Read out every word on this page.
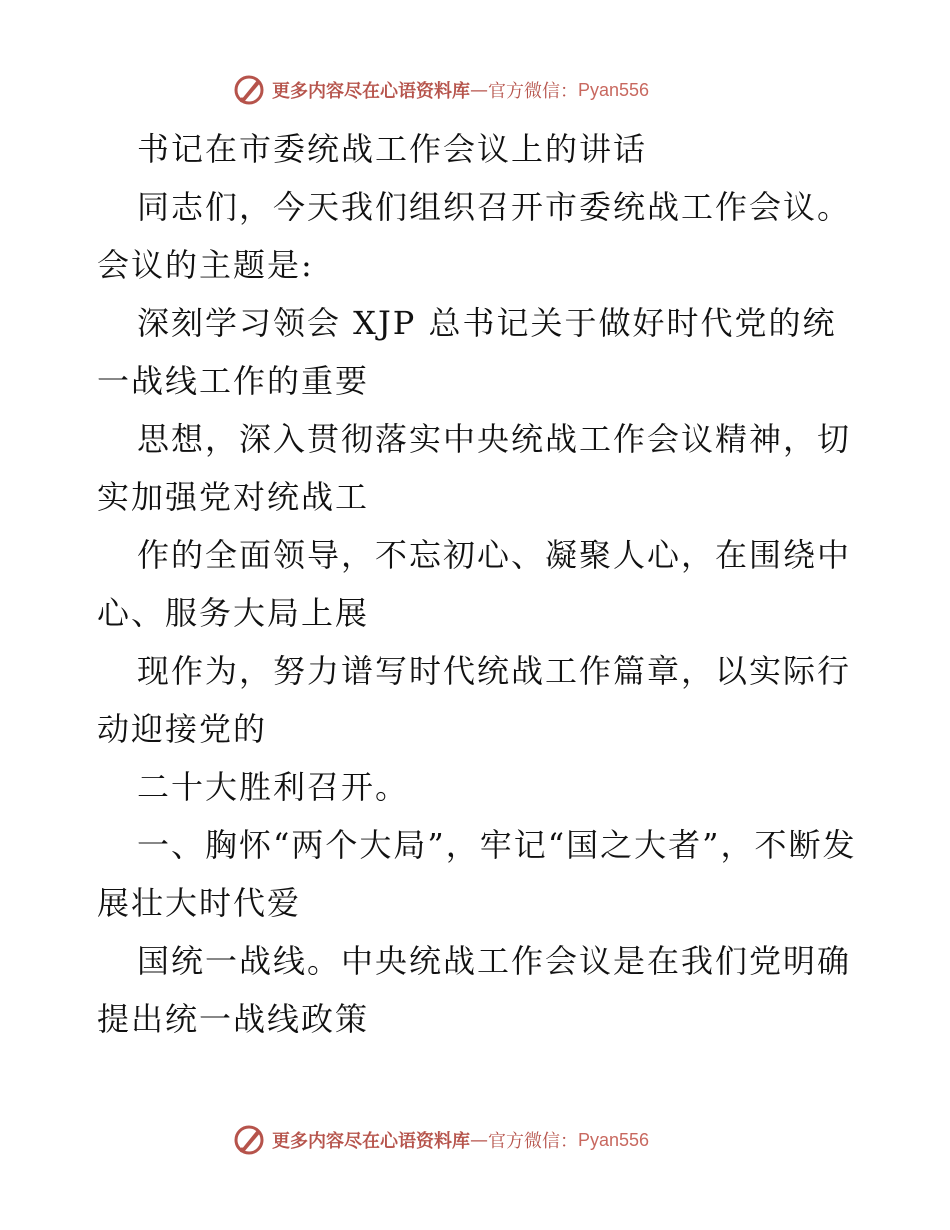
更多内容尽在心语资料库 — 官方微信： Pyan556

书记在市委统战工作会议上的讲话

同志们，今天我们组织召开市委统战工作会议。会议的主题是:

深刻学习领会 XJP 总书记关于做好时代党的统一战线工作的重要

思想，深入贯彻落实中央统战工作会议精神，切实加强党对统战工

作的全面领导，不忘初心、凝聚人心，在围绕中心、服务大局上展

现作为，努力谱写时代统战工作篇章，以实际行动迎接党的

二十大胜利召开。

一、胸怀“两个大局”，牢记“国之大者”，不断发展壮大时代爱

国统一战线。中央统战工作会议是在我们党明确提出统一战线政策

更多内容尽在心语资料库 — 官方微信： Pyan556
